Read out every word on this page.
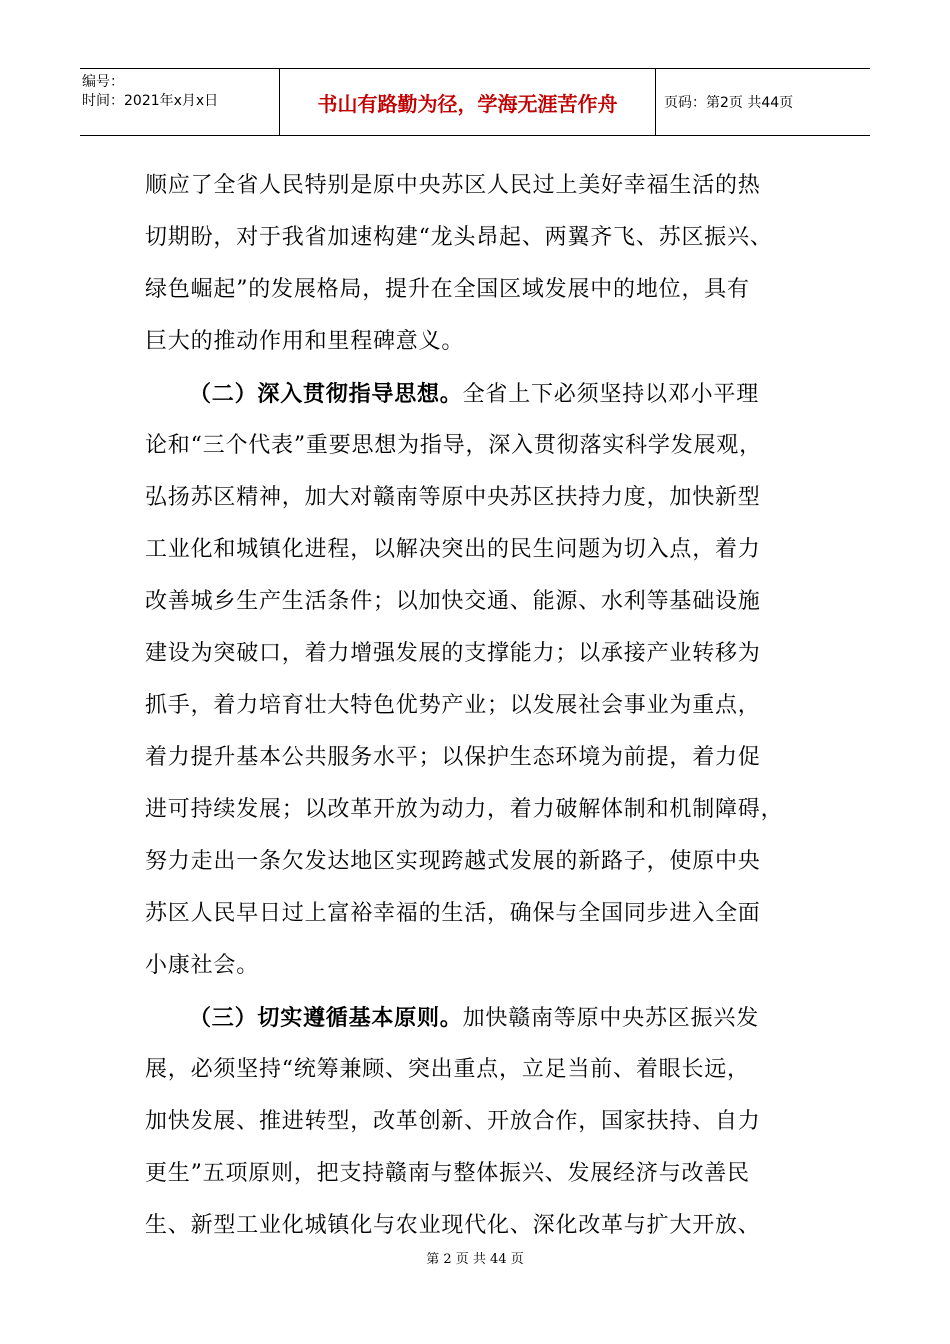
编号：
时间：2021年x月x日	书山有路勤为径，学海无涯苦作舟	页码：第2页 共44页
顺应了全省人民特别是原中央苏区人民过上美好幸福生活的热
切期盼，对于我省加速构建“龙头昂起、两翼齐飞、苏区振兴、
绿色崛起”的发展格局，提升在全国区域发展中的地位，具有
巨大的推动作用和里程碑意义。
（二）深入贯彻指导思想。全省上下必须坚持以邓小平理
论和“三个代表”重要思想为指导，深入贯彻落实科学发展观，
弘扬苏区精神，加大对赣南等原中央苏区扶持力度，加快新型
工业化和城镇化进程，以解决突出的民生问题为切入点，着力
改善城乡生产生活条件；以加快交通、能源、水利等基础设施
建设为突破口，着力增强发展的支撑能力；以承接产业转移为
抓手，着力培育壮大特色优势产业；以发展社会事业为重点，
着力提升基本公共服务水平；以保护生态环境为前提，着力促
进可持续发展；以改革开放为动力，着力破解体制和机制障碍，
努力走出一条欠发达地区实现跨越式发展的新路子，使原中央
苏区人民早日过上富裕幸福的生活，确保与全国同步进入全面
小康社会。
（三）切实遵循基本原则。加快赣南等原中央苏区振兴发
展，必须坚持“统筹兼顾、突出重点，立足当前、着眼长远，
加快发展、推进转型，改革创新、开放合作，国家扶持、自力
更生”五项原则，把支持赣南与整体振兴、发展经济与改善民
生、新型工业化城镇化与农业现代化、深化改革与扩大开放、
第 2 页 共 44 页
